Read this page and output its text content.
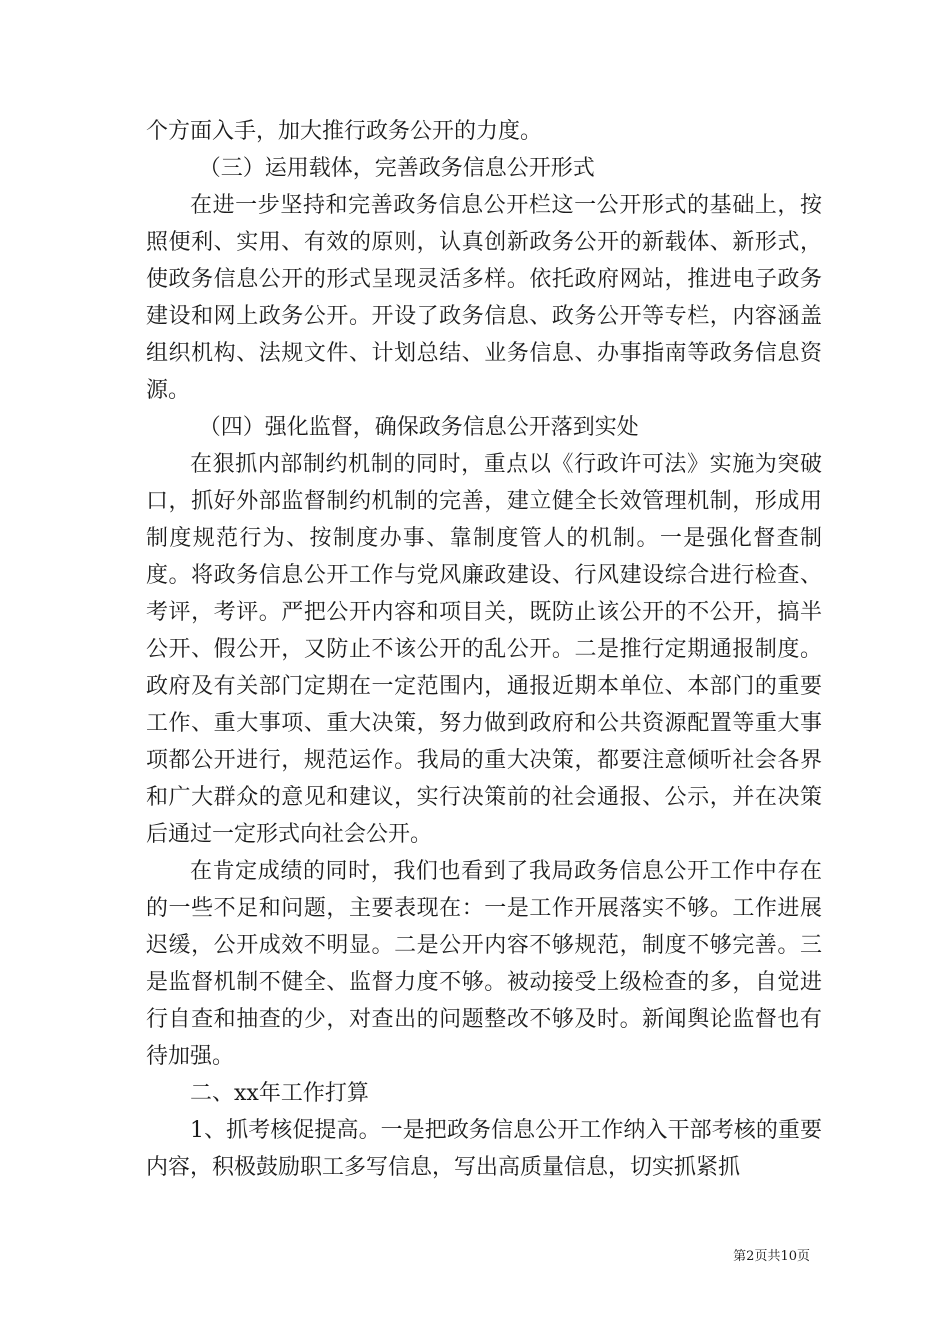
个方面入手，加大推行政务公开的力度。

（三）运用载体，完善政务信息公开形式

在进一步坚持和完善政务信息公开栏这一公开形式的基础上，按照便利、实用、有效的原则，认真创新政务公开的新载体、新形式，使政务信息公开的形式呈现灵活多样。依托政府网站，推进电子政务建设和网上政务公开。开设了政务信息、政务公开等专栏，内容涵盖组织机构、法规文件、计划总结、业务信息、办事指南等政务信息资源。

（四）强化监督，确保政务信息公开落到实处

在狠抓内部制约机制的同时，重点以《行政许可法》实施为突破口，抓好外部监督制约机制的完善，建立健全长效管理机制，形成用制度规范行为、按制度办事、靠制度管人的机制。一是强化督查制度。将政务信息公开工作与党风廉政建设、行风建设综合进行检查、考评，考评。严把公开内容和项目关，既防止该公开的不公开，搞半公开、假公开，又防止不该公开的乱公开。二是推行定期通报制度。政府及有关部门定期在一定范围内，通报近期本单位、本部门的重要工作、重大事项、重大决策，努力做到政府和公共资源配置等重大事项都公开进行，规范运作。我局的重大决策，都要注意倾听社会各界和广大群众的意见和建议，实行决策前的社会通报、公示，并在决策后通过一定形式向社会公开。

在肯定成绩的同时，我们也看到了我局政务信息公开工作中存在的一些不足和问题，主要表现在：一是工作开展落实不够。工作进展迟缓，公开成效不明显。二是公开内容不够规范，制度不够完善。三是监督机制不健全、监督力度不够。被动接受上级检查的多，自觉进行自查和抽查的少，对查出的问题整改不够及时。新闻舆论监督也有待加强。

二、xx年工作打算

1、抓考核促提高。一是把政务信息公开工作纳入干部考核的重要内容，积极鼓励职工多写信息，写出高质量信息，切实抓紧抓

第2页共10页
